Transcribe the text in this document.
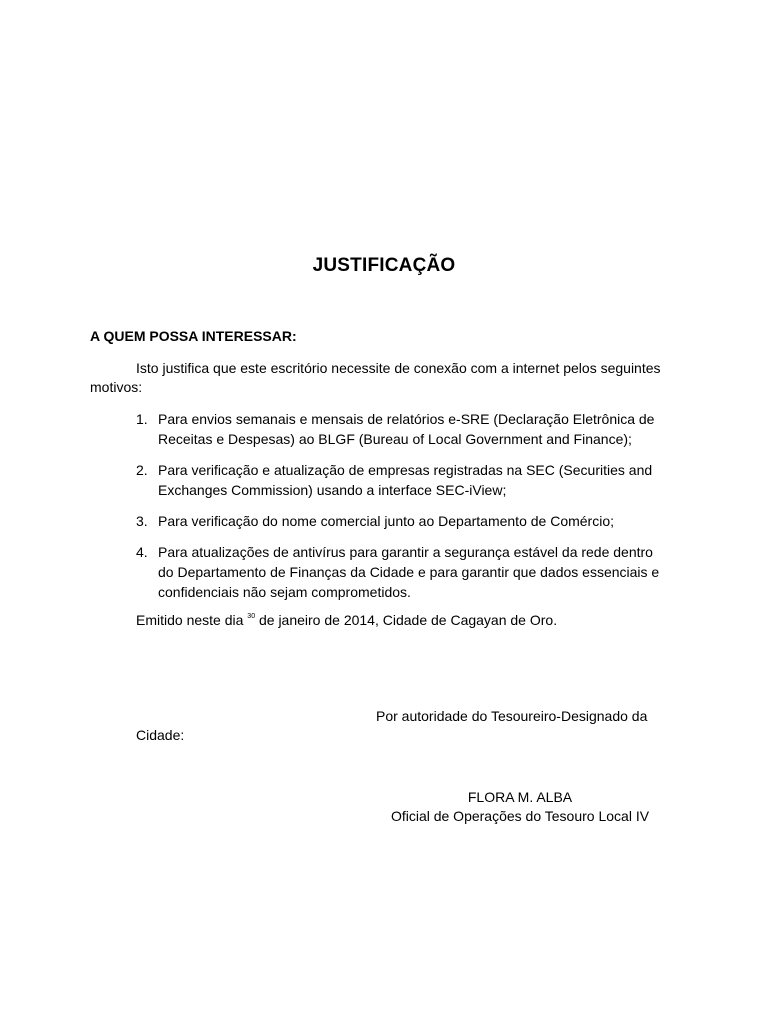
JUSTIFICAÇÃO
A QUEM POSSA INTERESSAR:

Isto justifica que este escritório necessite de conexão com a internet pelos seguintes motivos:

1. Para envios semanais e mensais de relatórios e-SRE (Declaração Eletrônica de Receitas e Despesas) ao BLGF (Bureau of Local Government and Finance);
2. Para verificação e atualização de empresas registradas na SEC (Securities and Exchanges Commission) usando a interface SEC-iView;
3. Para verificação do nome comercial junto ao Departamento de Comércio;
4. Para atualizações de antivírus para garantir a segurança estável da rede dentro do Departamento de Finanças da Cidade e para garantir que dados essenciais e confidenciais não sejam comprometidos.
Emitido neste dia $^{30}$ de janeiro de 2014, Cidade de Cagayan de Oro.
Por autoridade do Tesoureiro-Designado da
Cidade:
FLORA M. ALBA
Oficial de Operações do Tesouro Local IV
